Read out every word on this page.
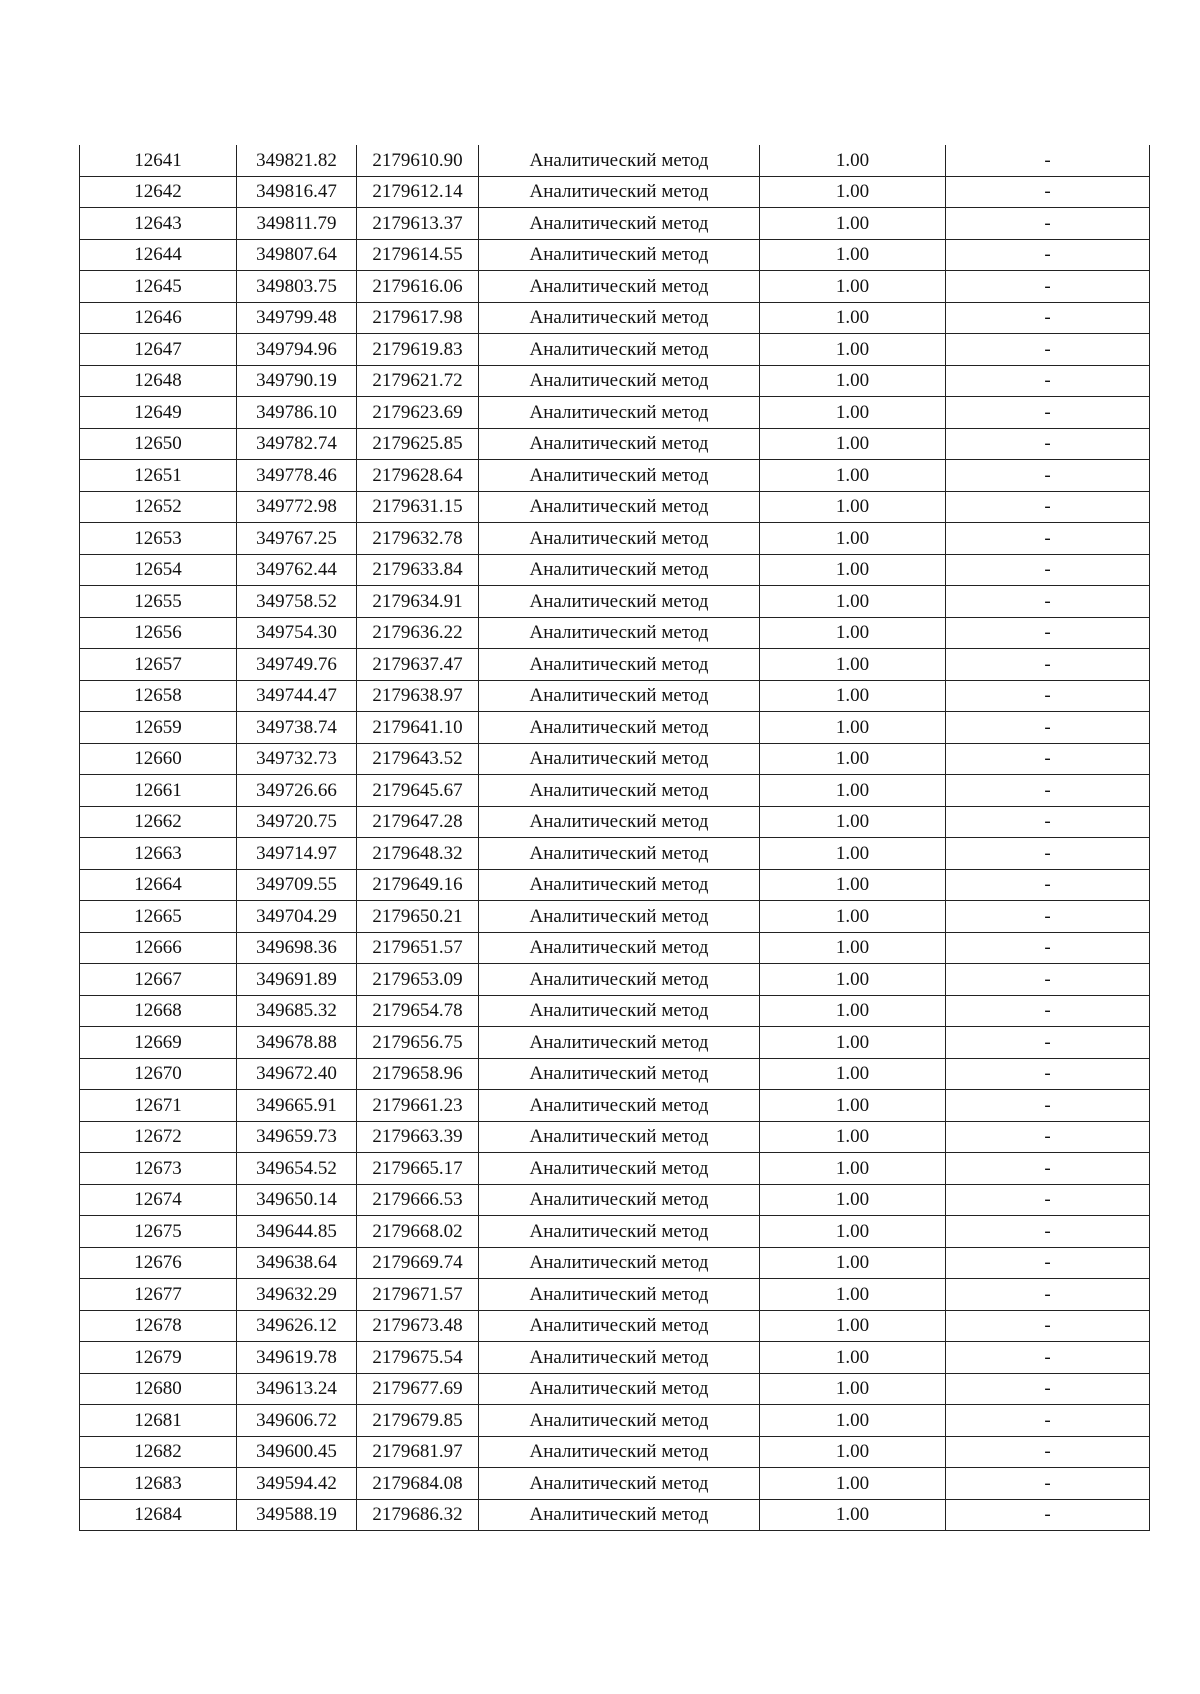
12641	349821.82	2179610.90	Аналитический метод	1.00	-
12642	349816.47	2179612.14	Аналитический метод	1.00	-
12643	349811.79	2179613.37	Аналитический метод	1.00	-
12644	349807.64	2179614.55	Аналитический метод	1.00	-
12645	349803.75	2179616.06	Аналитический метод	1.00	-
12646	349799.48	2179617.98	Аналитический метод	1.00	-
12647	349794.96	2179619.83	Аналитический метод	1.00	-
12648	349790.19	2179621.72	Аналитический метод	1.00	-
12649	349786.10	2179623.69	Аналитический метод	1.00	-
12650	349782.74	2179625.85	Аналитический метод	1.00	-
12651	349778.46	2179628.64	Аналитический метод	1.00	-
12652	349772.98	2179631.15	Аналитический метод	1.00	-
12653	349767.25	2179632.78	Аналитический метод	1.00	-
12654	349762.44	2179633.84	Аналитический метод	1.00	-
12655	349758.52	2179634.91	Аналитический метод	1.00	-
12656	349754.30	2179636.22	Аналитический метод	1.00	-
12657	349749.76	2179637.47	Аналитический метод	1.00	-
12658	349744.47	2179638.97	Аналитический метод	1.00	-
12659	349738.74	2179641.10	Аналитический метод	1.00	-
12660	349732.73	2179643.52	Аналитический метод	1.00	-
12661	349726.66	2179645.67	Аналитический метод	1.00	-
12662	349720.75	2179647.28	Аналитический метод	1.00	-
12663	349714.97	2179648.32	Аналитический метод	1.00	-
12664	349709.55	2179649.16	Аналитический метод	1.00	-
12665	349704.29	2179650.21	Аналитический метод	1.00	-
12666	349698.36	2179651.57	Аналитический метод	1.00	-
12667	349691.89	2179653.09	Аналитический метод	1.00	-
12668	349685.32	2179654.78	Аналитический метод	1.00	-
12669	349678.88	2179656.75	Аналитический метод	1.00	-
12670	349672.40	2179658.96	Аналитический метод	1.00	-
12671	349665.91	2179661.23	Аналитический метод	1.00	-
12672	349659.73	2179663.39	Аналитический метод	1.00	-
12673	349654.52	2179665.17	Аналитический метод	1.00	-
12674	349650.14	2179666.53	Аналитический метод	1.00	-
12675	349644.85	2179668.02	Аналитический метод	1.00	-
12676	349638.64	2179669.74	Аналитический метод	1.00	-
12677	349632.29	2179671.57	Аналитический метод	1.00	-
12678	349626.12	2179673.48	Аналитический метод	1.00	-
12679	349619.78	2179675.54	Аналитический метод	1.00	-
12680	349613.24	2179677.69	Аналитический метод	1.00	-
12681	349606.72	2179679.85	Аналитический метод	1.00	-
12682	349600.45	2179681.97	Аналитический метод	1.00	-
12683	349594.42	2179684.08	Аналитический метод	1.00	-
12684	349588.19	2179686.32	Аналитический метод	1.00	-
